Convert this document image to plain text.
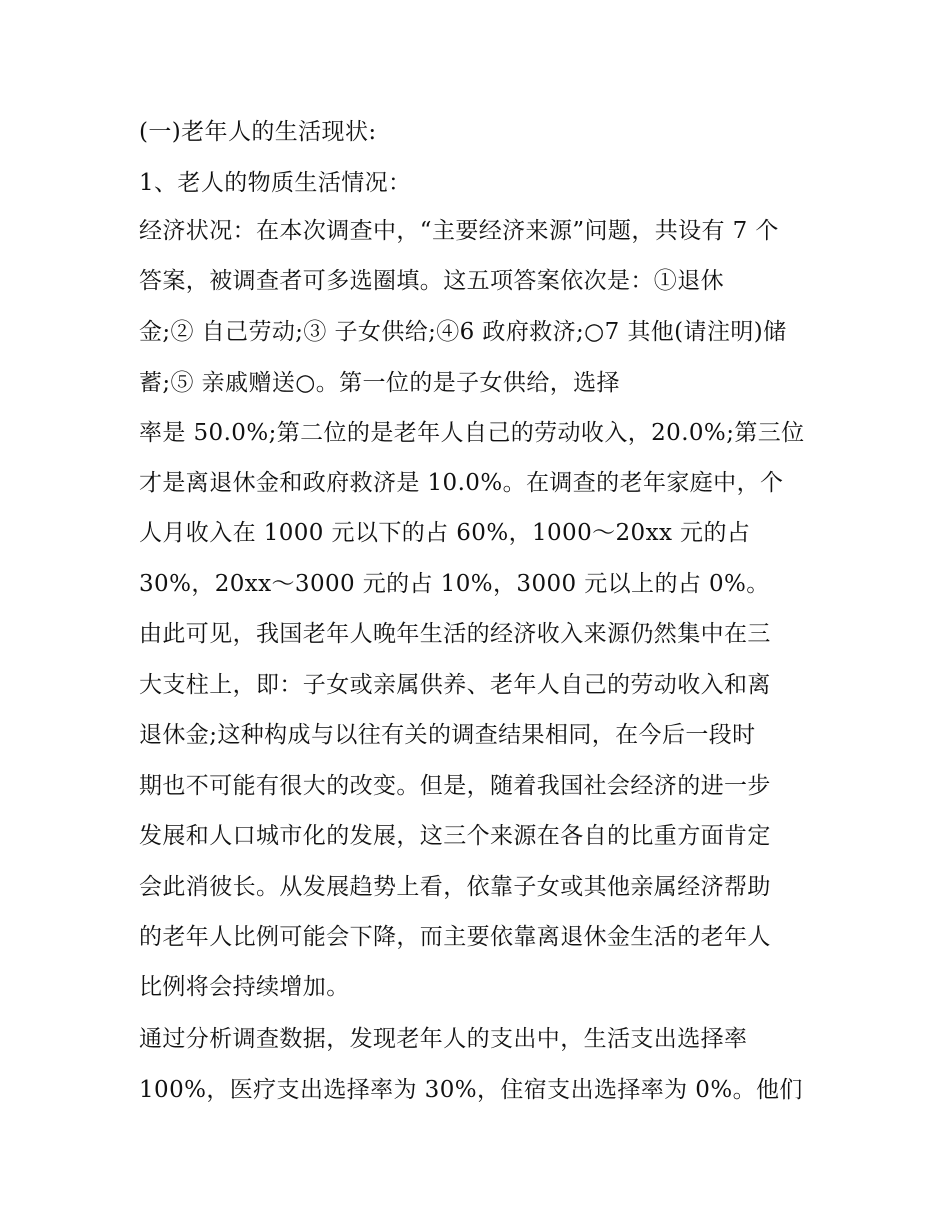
(一)老年人的生活现状:
1、老人的物质生活情况：
经济状况：在本次调查中，“主要经济来源”问题，共设有 7 个
答案，被调查者可多选圈填。这五项答案依次是：①退休
金;② 自己劳动;③ 子女供给;④6 政府救济;○7 其他(请注明)储
蓄;⑤ 亲戚赠送○。第一位的是子女供给，选择
率是 50.0%;第二位的是老年人自己的劳动收入，20.0%;第三位
才是离退休金和政府救济是 10.0%。在调查的老年家庭中，个
人月收入在 1000 元以下的占 60%，1000～20xx 元的占
30%，20xx～3000 元的占 10%，3000 元以上的占 0%。
由此可见，我国老年人晚年生活的经济收入来源仍然集中在三
大支柱上，即：子女或亲属供养、老年人自己的劳动收入和离
退休金;这种构成与以往有关的调查结果相同，在今后一段时
期也不可能有很大的改变。但是，随着我国社会经济的进一步
发展和人口城市化的发展，这三个来源在各自的比重方面肯定
会此消彼长。从发展趋势上看，依靠子女或其他亲属经济帮助
的老年人比例可能会下降，而主要依靠离退休金生活的老年人
比例将会持续增加。
通过分析调查数据，发现老年人的支出中，生活支出选择率
100%，医疗支出选择率为 30%，住宿支出选择率为 0%。他们
